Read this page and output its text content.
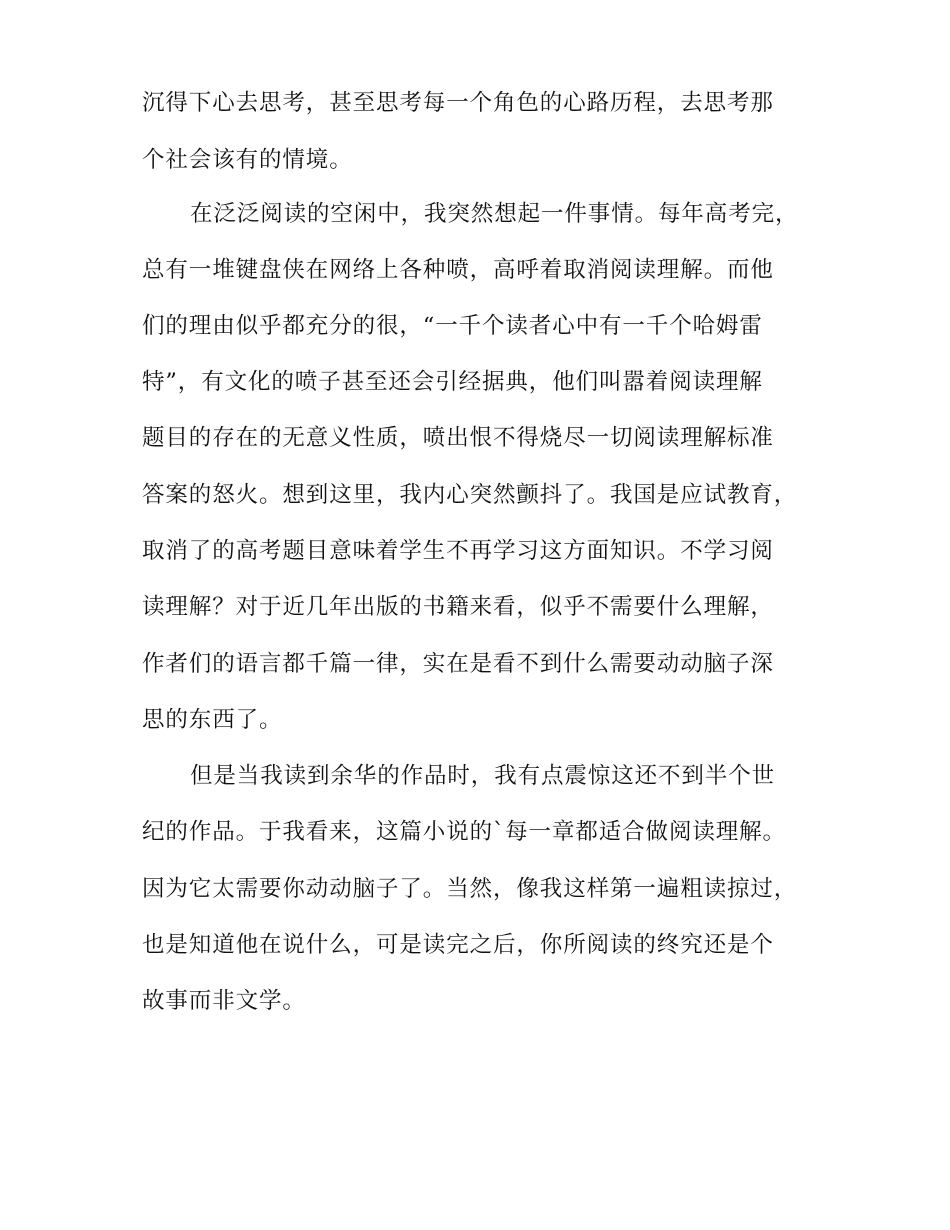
沉得下心去思考，甚至思考每一个角色的心路历程，去思考那

个社会该有的情境。

在泛泛阅读的空闲中，我突然想起一件事情。每年高考完，

总有一堆键盘侠在网络上各种喷，高呼着取消阅读理解。而他

们的理由似乎都充分的很，“一千个读者心中有一千个哈姆雷

特”，有文化的喷子甚至还会引经据典，他们叫嚣着阅读理解

题目的存在的无意义性质，喷出恨不得烧尽一切阅读理解标准

答案的怒火。想到这里，我内心突然颤抖了。我国是应试教育，

取消了的高考题目意味着学生不再学习这方面知识。不学习阅

读理解？对于近几年出版的书籍来看，似乎不需要什么理解，

作者们的语言都千篇一律，实在是看不到什么需要动动脑子深

思的东西了。

但是当我读到余华的作品时，我有点震惊这还不到半个世

纪的作品。于我看来，这篇小说的`每一章都适合做阅读理解。

因为它太需要你动动脑子了。当然，像我这样第一遍粗读掠过，

也是知道他在说什么，可是读完之后，你所阅读的终究还是个

故事而非文学。
